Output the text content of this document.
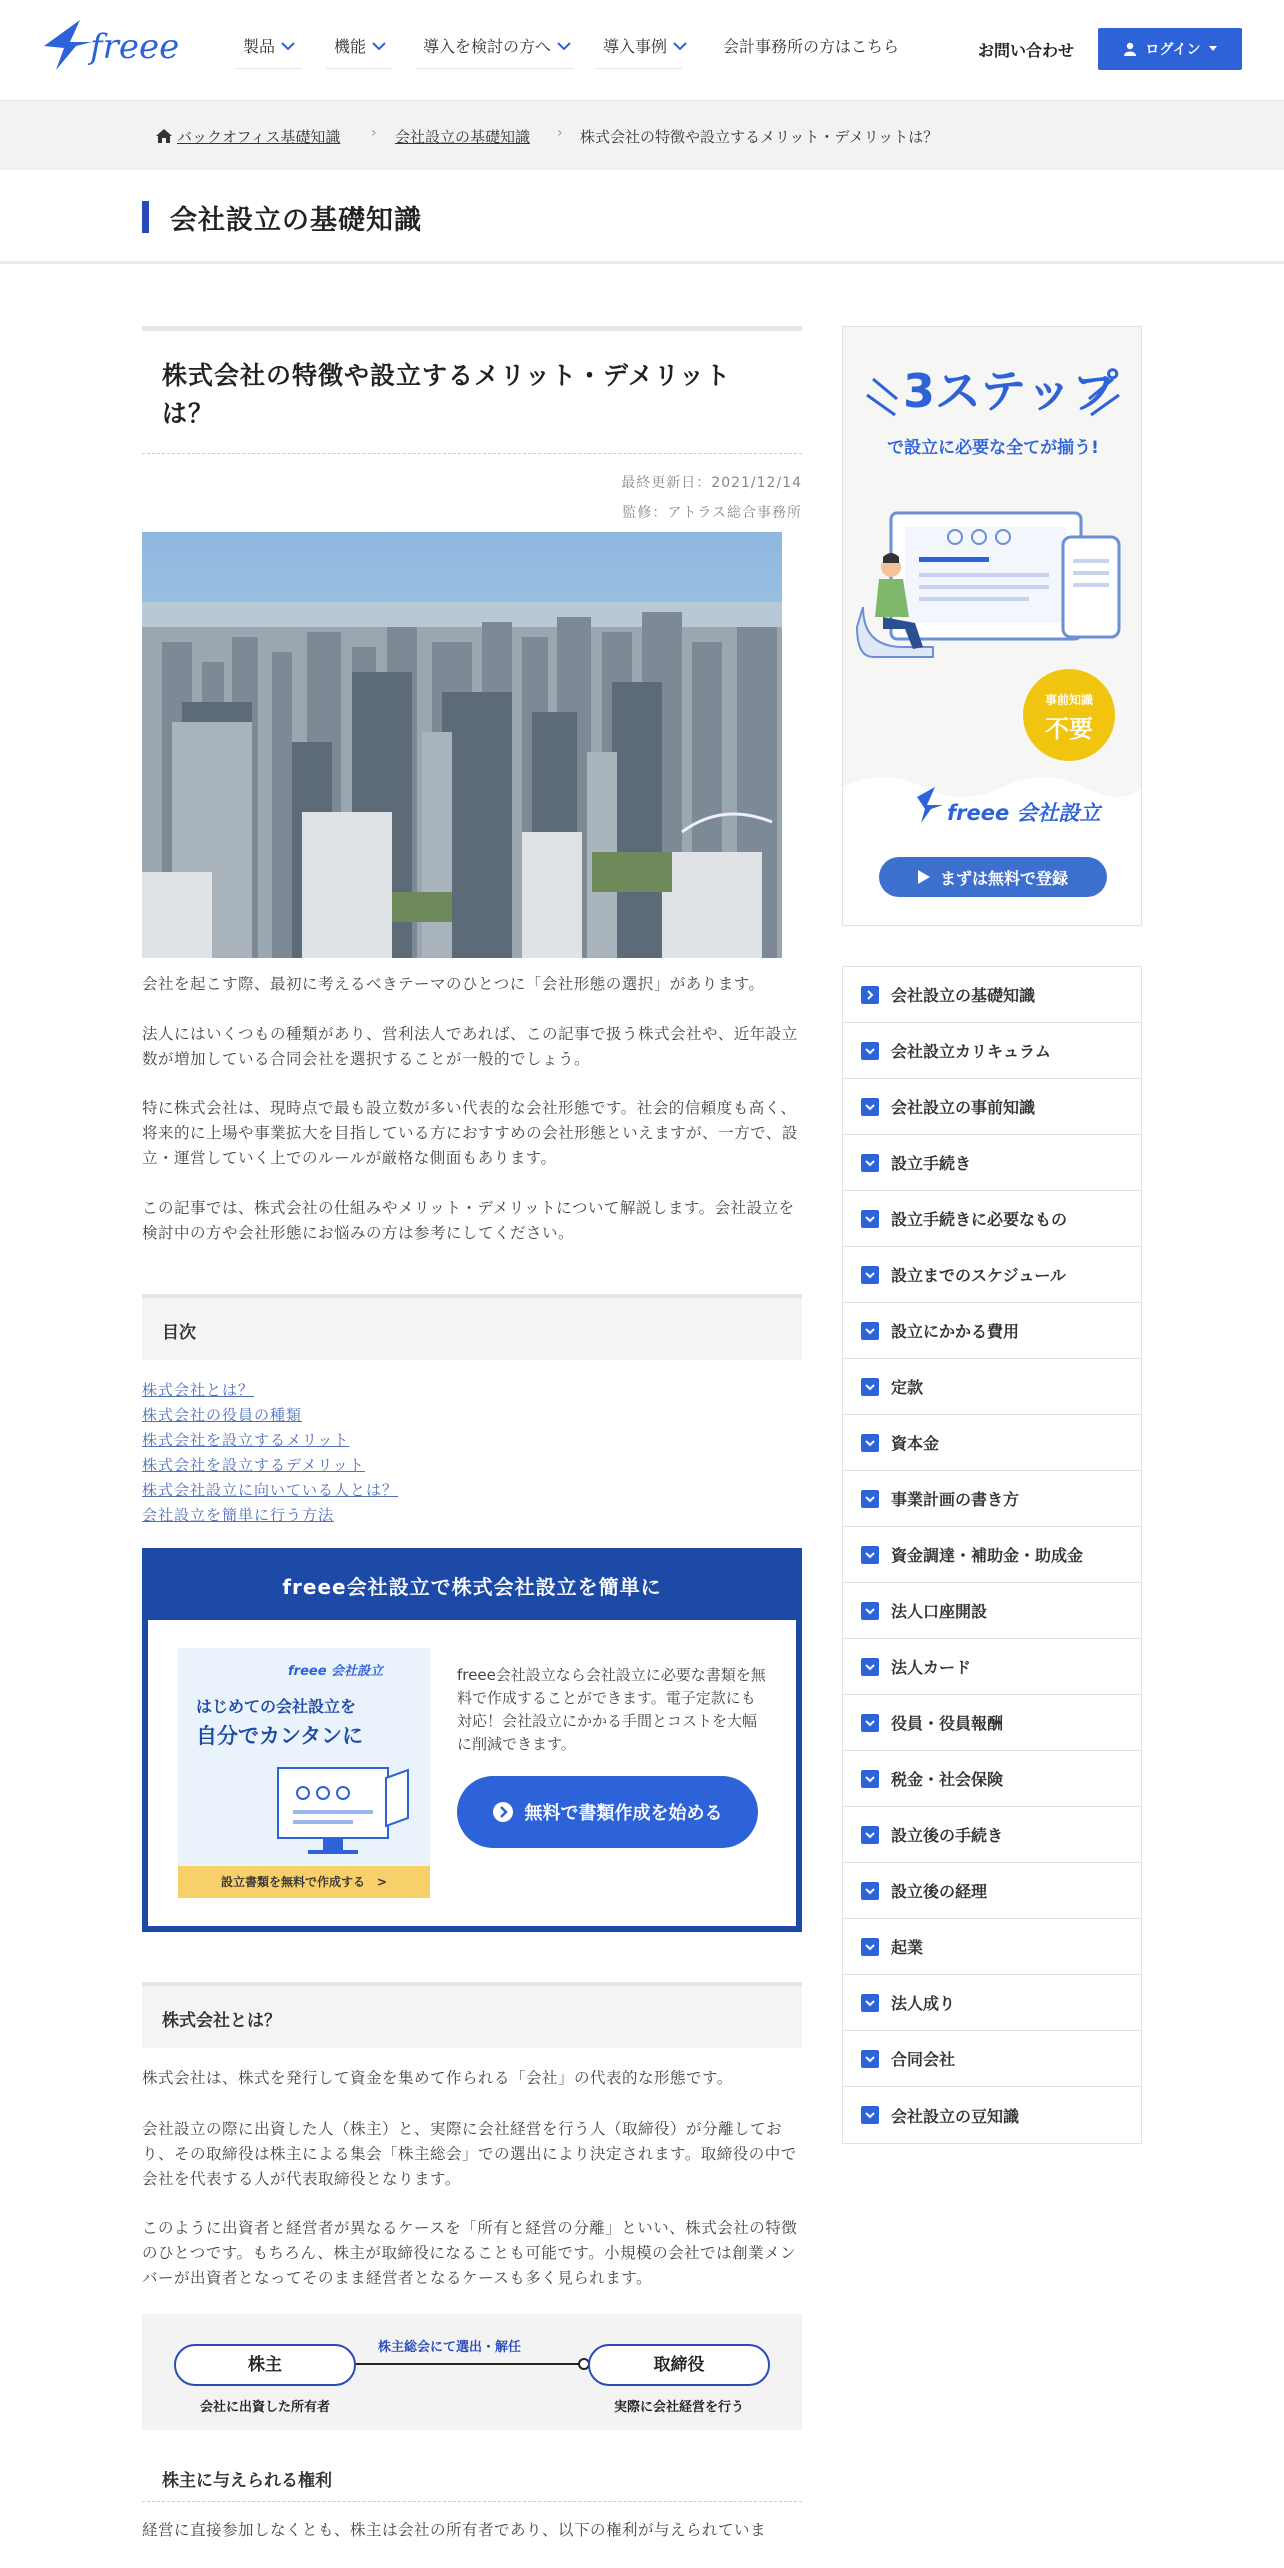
freee	製品	機能	導入を検討の方へ	導入事例	会計事務所の方はこちら	お問い合わせ	ログイン
バックオフィス基礎知識 › 会社設立の基礎知識 › 株式会社の特徴や設立するメリット・デメリットは？
会社設立の基礎知識
株式会社の特徴や設立するメリット・デメリットは？
最終更新日：2021/12/14
監修：アトラス総合事務所

会社を起こす際、最初に考えるべきテーマのひとつに「会社形態の選択」があります。

法人にはいくつもの種類があり、営利法人であれば、この記事で扱う株式会社や、近年設立数が増加している合同会社を選択することが一般的でしょう。

特に株式会社は、現時点で最も設立数が多い代表的な会社形態です。社会的信頼度も高く、将来的に上場や事業拡大を目指している方におすすめの会社形態といえますが、一方で、設立・運営していく上でのルールが厳格な側面もあります。

この記事では、株式会社の仕組みやメリット・デメリットについて解説します。会社設立を検討中の方や会社形態にお悩みの方は参考にしてください。

目次
株式会社とは？
株式会社の役員の種類
株式会社を設立するメリット
株式会社を設立するデメリット
株式会社設立に向いている人とは？
会社設立を簡単に行う方法
freee会社設立で株式会社設立を簡単に
freee 会社設立
はじめての会社設立を
自分でカンタンに
設立書類を無料で作成する　>

freee会社設立なら会社設立に必要な書類を無料で作成することができます。電子定款にも対応！会社設立にかかる手間とコストを大幅に削減できます。

無料で書類作成を始める
株式会社とは？

株式会社は、株式を発行して資金を集めて作られる「会社」の代表的な形態です。

会社設立の際に出資した人（株主）と、実際に会社経営を行う人（取締役）が分離しており、その取締役は株主による集会「株主総会」での選出により決定されます。取締役の中で会社を代表する人が代表取締役となります。

このように出資者と経営者が異なるケースを「所有と経営の分離」といい、株式会社の特徴のひとつです。もちろん、株主が取締役になることも可能です。小規模の会社では創業メンバーが出資者となってそのまま経営者となるケースも多く見られます。

株主
会社に出資した所有者
株主総会にて選出・解任
取締役
実際に会社経営を行う
株主に与えられる権利

経営に直接参加しなくとも、株主は会社の所有者であり、以下の権利が与えられていま

3ステップ
で設立に必要な全てが揃う!
事前知識
不要
freee 会社設立
まずは無料で登録
会社設立の基礎知識
会社設立カリキュラム
会社設立の事前知識
設立手続き
設立手続きに必要なもの
設立までのスケジュール
設立にかかる費用
定款
資本金
事業計画の書き方
資金調達・補助金・助成金
法人口座開設
法人カード
役員・役員報酬
税金・社会保険
設立後の手続き
設立後の経理
起業
法人成り
合同会社
会社設立の豆知識
